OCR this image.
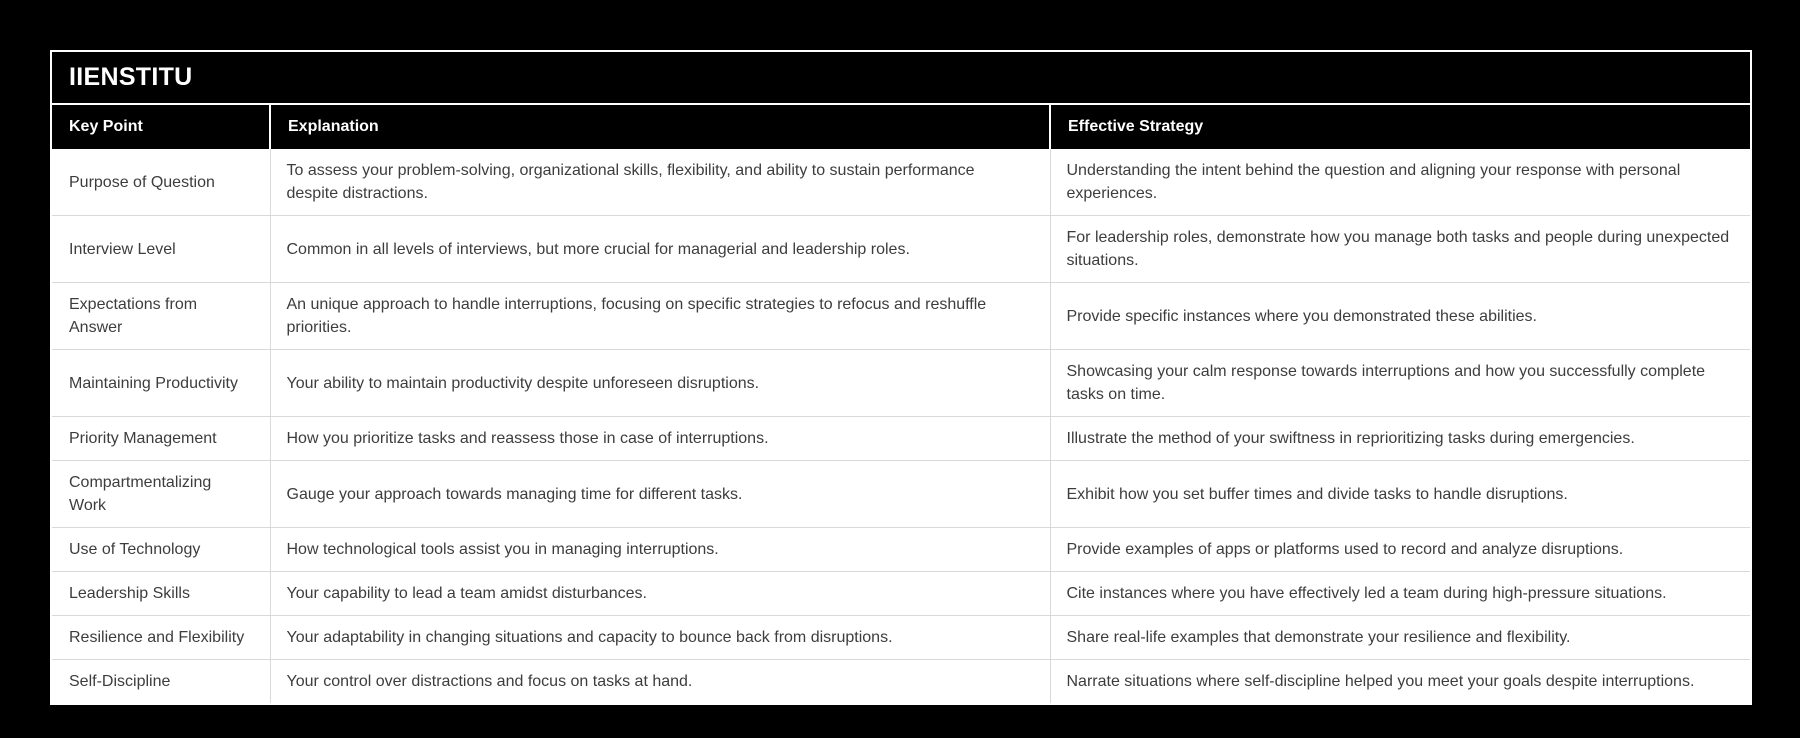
IIENSTITU
Key Point	Explanation	Effective Strategy
Purpose of Question	To assess your problem-solving, organizational skills, flexibility, and ability to sustain performance despite distractions.	Understanding the intent behind the question and aligning your response with personal experiences.
Interview Level	Common in all levels of interviews, but more crucial for managerial and leadership roles.	For leadership roles, demonstrate how you manage both tasks and people during unexpected situations.
Expectations from Answer	An unique approach to handle interruptions, focusing on specific strategies to refocus and reshuffle priorities.	Provide specific instances where you demonstrated these abilities.
Maintaining Productivity	Your ability to maintain productivity despite unforeseen disruptions.	Showcasing your calm response towards interruptions and how you successfully complete tasks on time.
Priority Management	How you prioritize tasks and reassess those in case of interruptions.	Illustrate the method of your swiftness in reprioritizing tasks during emergencies.
Compartmentalizing Work	Gauge your approach towards managing time for different tasks.	Exhibit how you set buffer times and divide tasks to handle disruptions.
Use of Technology	How technological tools assist you in managing interruptions.	Provide examples of apps or platforms used to record and analyze disruptions.
Leadership Skills	Your capability to lead a team amidst disturbances.	Cite instances where you have effectively led a team during high-pressure situations.
Resilience and Flexibility	Your adaptability in changing situations and capacity to bounce back from disruptions.	Share real-life examples that demonstrate your resilience and flexibility.
Self-Discipline	Your control over distractions and focus on tasks at hand.	Narrate situations where self-discipline helped you meet your goals despite interruptions.
